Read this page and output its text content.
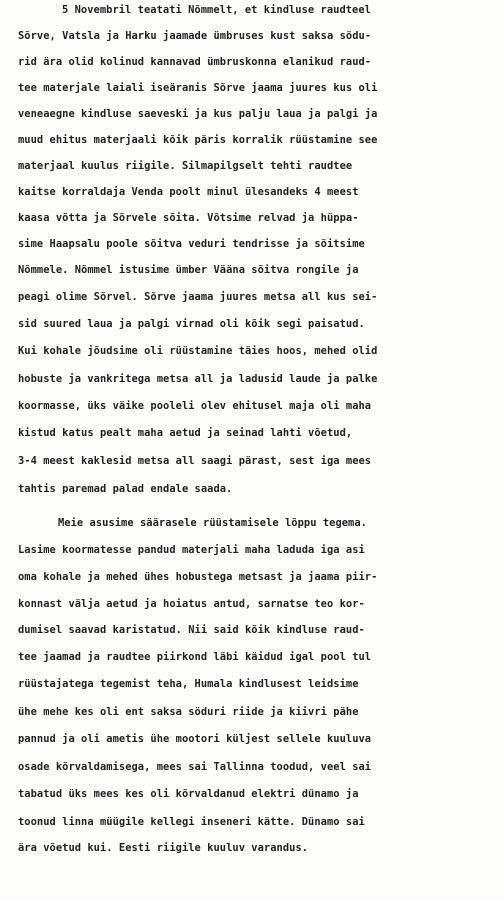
5 Novembril teatati Nõmmelt, et kindluse raudteel
Sõrve, Vatsla ja Harku jaamade ümbruses kust saksa södu-
rid ära olid kolinud kannavad ümbruskonna elanikud raud-
tee materjale laiali iseäranis Sõrve jaama juures kus oli
veneaegne kindluse saeveski ja kus palju laua ja palgi ja
muud ehitus materjaali kõik päris korralik rüüstamine see
materjaal kuulus riigile. Silmapilgselt tehti raudtee
kaitse korraldaja Venda poolt minul ülesandeks 4 meest
kaasa võtta ja Sõrvele sõita. Võtsime relvad ja hüppa-
sime Haapsalu poole sõitva veduri tendrisse ja sõitsime
Nõmmele. Nõmmel istusime ümber Vääna sõitva rongile ja
peagi olime Sõrvel. Sõrve jaama juures metsa all kus sei-
sid suured laua ja palgi virnad oli kõik segi paisatud.
Kui kohale jõudsime oli rüüstamine täies hoos, mehed olid
hobuste ja vankritega metsa all ja ladusid laude ja palke
koormasse, üks väike pooleli olev ehitusel maja oli maha
kistud katus pealt maha aetud ja seinad lahti võetud,
3-4 meest kaklesid metsa all saagi pärast, sest iga mees
tahtis paremad palad endale saada.
Meie asusime säärasele rüüstamisele lõppu tegema.
Lasime koormatesse pandud materjali maha laduda iga asi
oma kohale ja mehed ühes hobustega metsast ja jaama piir-
konnast välja aetud ja hoiatus antud, sarnatse teo kor-
dumisel saavad karistatud. Nii said kõik kindluse raud-
tee jaamad ja raudtee piirkond läbi käidud igal pool tul
rüüstajatega tegemist teha, Humala kindlusest leidsime
ühe mehe kes oli ent saksa söduri riide ja kiivri pähe
pannud ja oli ametis ühe mootori küljest sellele kuuluva
osade kõrvaldamisega, mees sai Tallinna toodud, veel sai
tabatud üks mees kes oli kõrvaldanud elektri dünamo ja
toonud linna müügile kellegi inseneri kätte. Dünamo sai
ära võetud kui. Eesti riigile kuuluv varandus.
